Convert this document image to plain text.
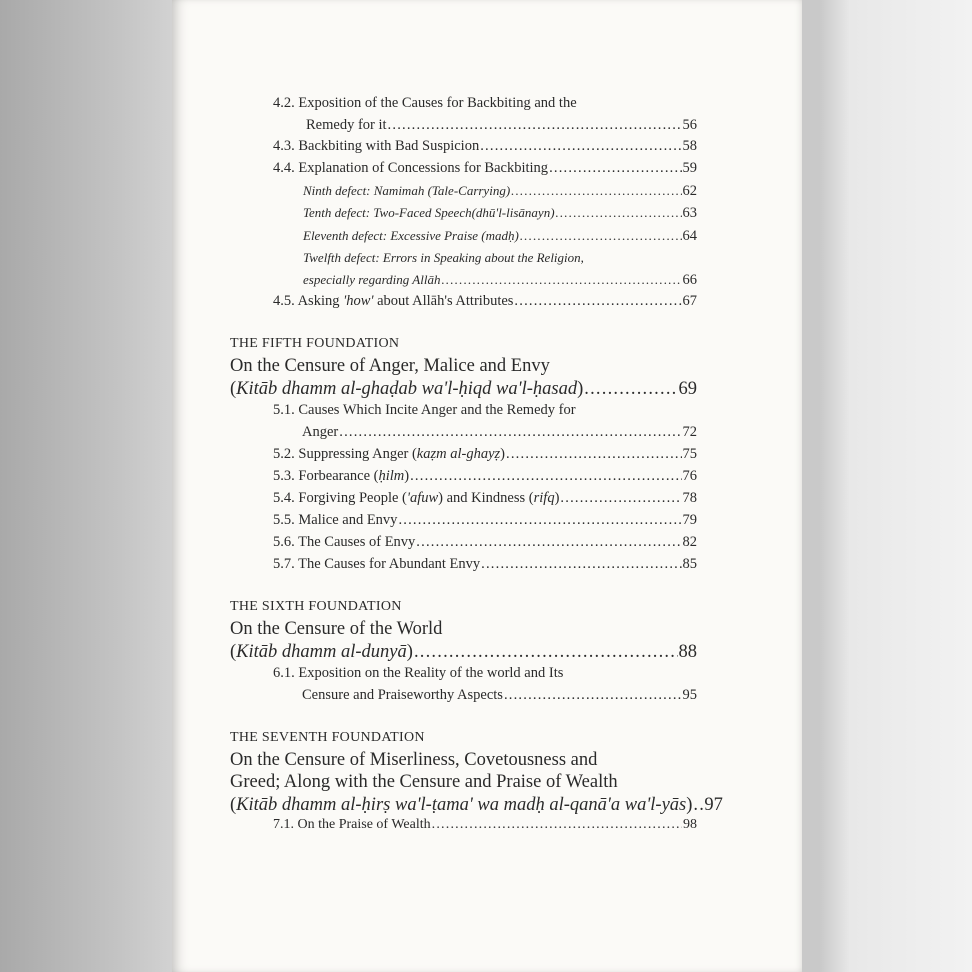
4.2. Exposition of the Causes for Backbiting and the
Remedy for it .....	56
4.3. Backbiting with Bad Suspicion .....	58
4.4. Explanation of Concessions for Backbiting .....	59
Ninth defect: Namimah (Tale-Carrying) .....	62
Tenth defect: Two-Faced Speech(dhū'l-lisānayn) .....	63
Eleventh defect: Excessive Praise (madḥ) .....	64
Twelfth defect: Errors in Speaking about the Religion,
especially regarding Allāh .....	66
4.5. Asking 'how' about Allāh's Attributes .....	67
THE FIFTH FOUNDATION
On the Censure of Anger, Malice and Envy
(Kitāb dhamm al-ghaḍab wa'l-ḥiqd wa'l-ḥasad) .....	69
5.1. Causes Which Incite Anger and the Remedy for
Anger .....	72
5.2. Suppressing Anger (kaẓm al-ghayẓ) .....	75
5.3. Forbearance (ḥilm) .....	76
5.4. Forgiving People ('afuw) and Kindness (rifq) .....	78
5.5. Malice and Envy .....	79
5.6. The Causes of Envy .....	82
5.7. The Causes for Abundant Envy .....	85
THE SIXTH FOUNDATION
On the Censure of the World
(Kitāb dhamm al-dunyā) .....	88
6.1. Exposition on the Reality of the world and Its
Censure and Praiseworthy Aspects .....	95
THE SEVENTH FOUNDATION
On the Censure of Miserliness, Covetousness and
Greed; Along with the Censure and Praise of Wealth
(Kitāb dhamm al-ḥirṣ wa'l-ṭama' wa madḥ al-qanā'a wa'l-yās) ..... 97
7.1. On the Praise of Wealth .....	98
